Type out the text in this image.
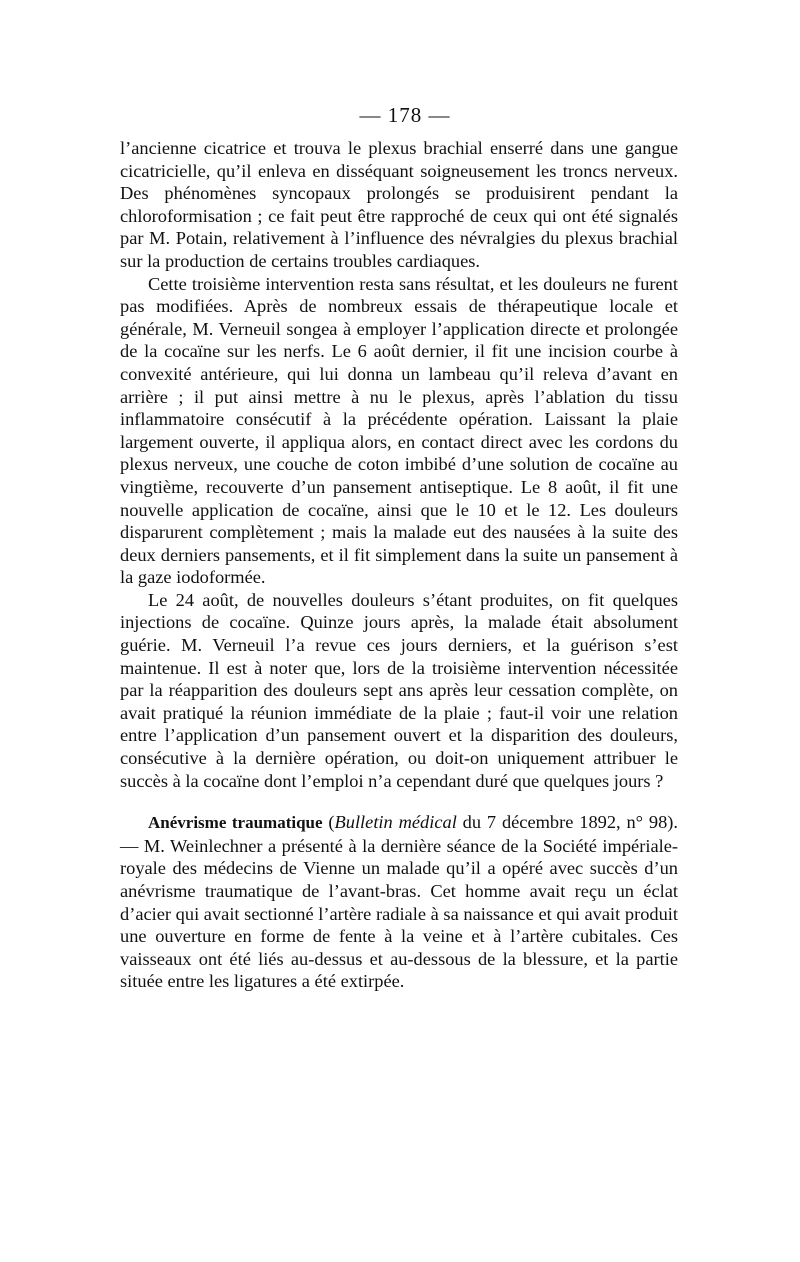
— 178 —

l’ancienne cicatrice et trouva le plexus brachial enserré dans une gangue cicatricielle, qu’il enleva en disséquant soigneusement les troncs nerveux. Des phénomènes syncopaux prolongés se produisirent pendant la chloroformisation ; ce fait peut être rapproché de ceux qui ont été signalés par M. Potain, relativement à l’influence des névralgies du plexus brachial sur la production de certains troubles cardiaques.

Cette troisième intervention resta sans résultat, et les douleurs ne furent pas modifiées. Après de nombreux essais de thérapeutique locale et générale, M. Verneuil songea à employer l’application directe et prolongée de la cocaïne sur les nerfs. Le 6 août dernier, il fit une incision courbe à convexité antérieure, qui lui donna un lambeau qu’il releva d’avant en arrière ; il put ainsi mettre à nu le plexus, après l’ablation du tissu inflammatoire consécutif à la précédente opération. Laissant la plaie largement ouverte, il appliqua alors, en contact direct avec les cordons du plexus nerveux, une couche de coton imbibé d’une solution de cocaïne au vingtième, recouverte d’un pansement antiseptique. Le 8 août, il fit une nouvelle application de cocaïne, ainsi que le 10 et le 12. Les douleurs disparurent complètement ; mais la malade eut des nausées à la suite des deux derniers pansements, et il fit simplement dans la suite un pansement à la gaze iodoformée.

Le 24 août, de nouvelles douleurs s’étant produites, on fit quelques injections de cocaïne. Quinze jours après, la malade était absolument guérie. M. Verneuil l’a revue ces jours derniers, et la guérison s’est maintenue. Il est à noter que, lors de la troisième intervention nécessitée par la réapparition des douleurs sept ans après leur cessation complète, on avait pratiqué la réunion immédiate de la plaie ; faut-il voir une relation entre l’application d’un pansement ouvert et la disparition des douleurs, consécutive à la dernière opération, ou doit-on uniquement attribuer le succès à la cocaïne dont l’emploi n’a cependant duré que quelques jours ?

Anévrisme traumatique (Bulletin médical du 7 décembre 1892, n° 98). — M. Weinlechner a présenté à la dernière séance de la Société impériale-royale des médecins de Vienne un malade qu’il a opéré avec succès d’un anévrisme traumatique de l’avant-bras. Cet homme avait reçu un éclat d’acier qui avait sectionné l’artère radiale à sa naissance et qui avait produit une ouverture en forme de fente à la veine et à l’artère cubitales. Ces vaisseaux ont été liés au-dessus et au-dessous de la blessure, et la partie située entre les ligatures a été extirpée.
